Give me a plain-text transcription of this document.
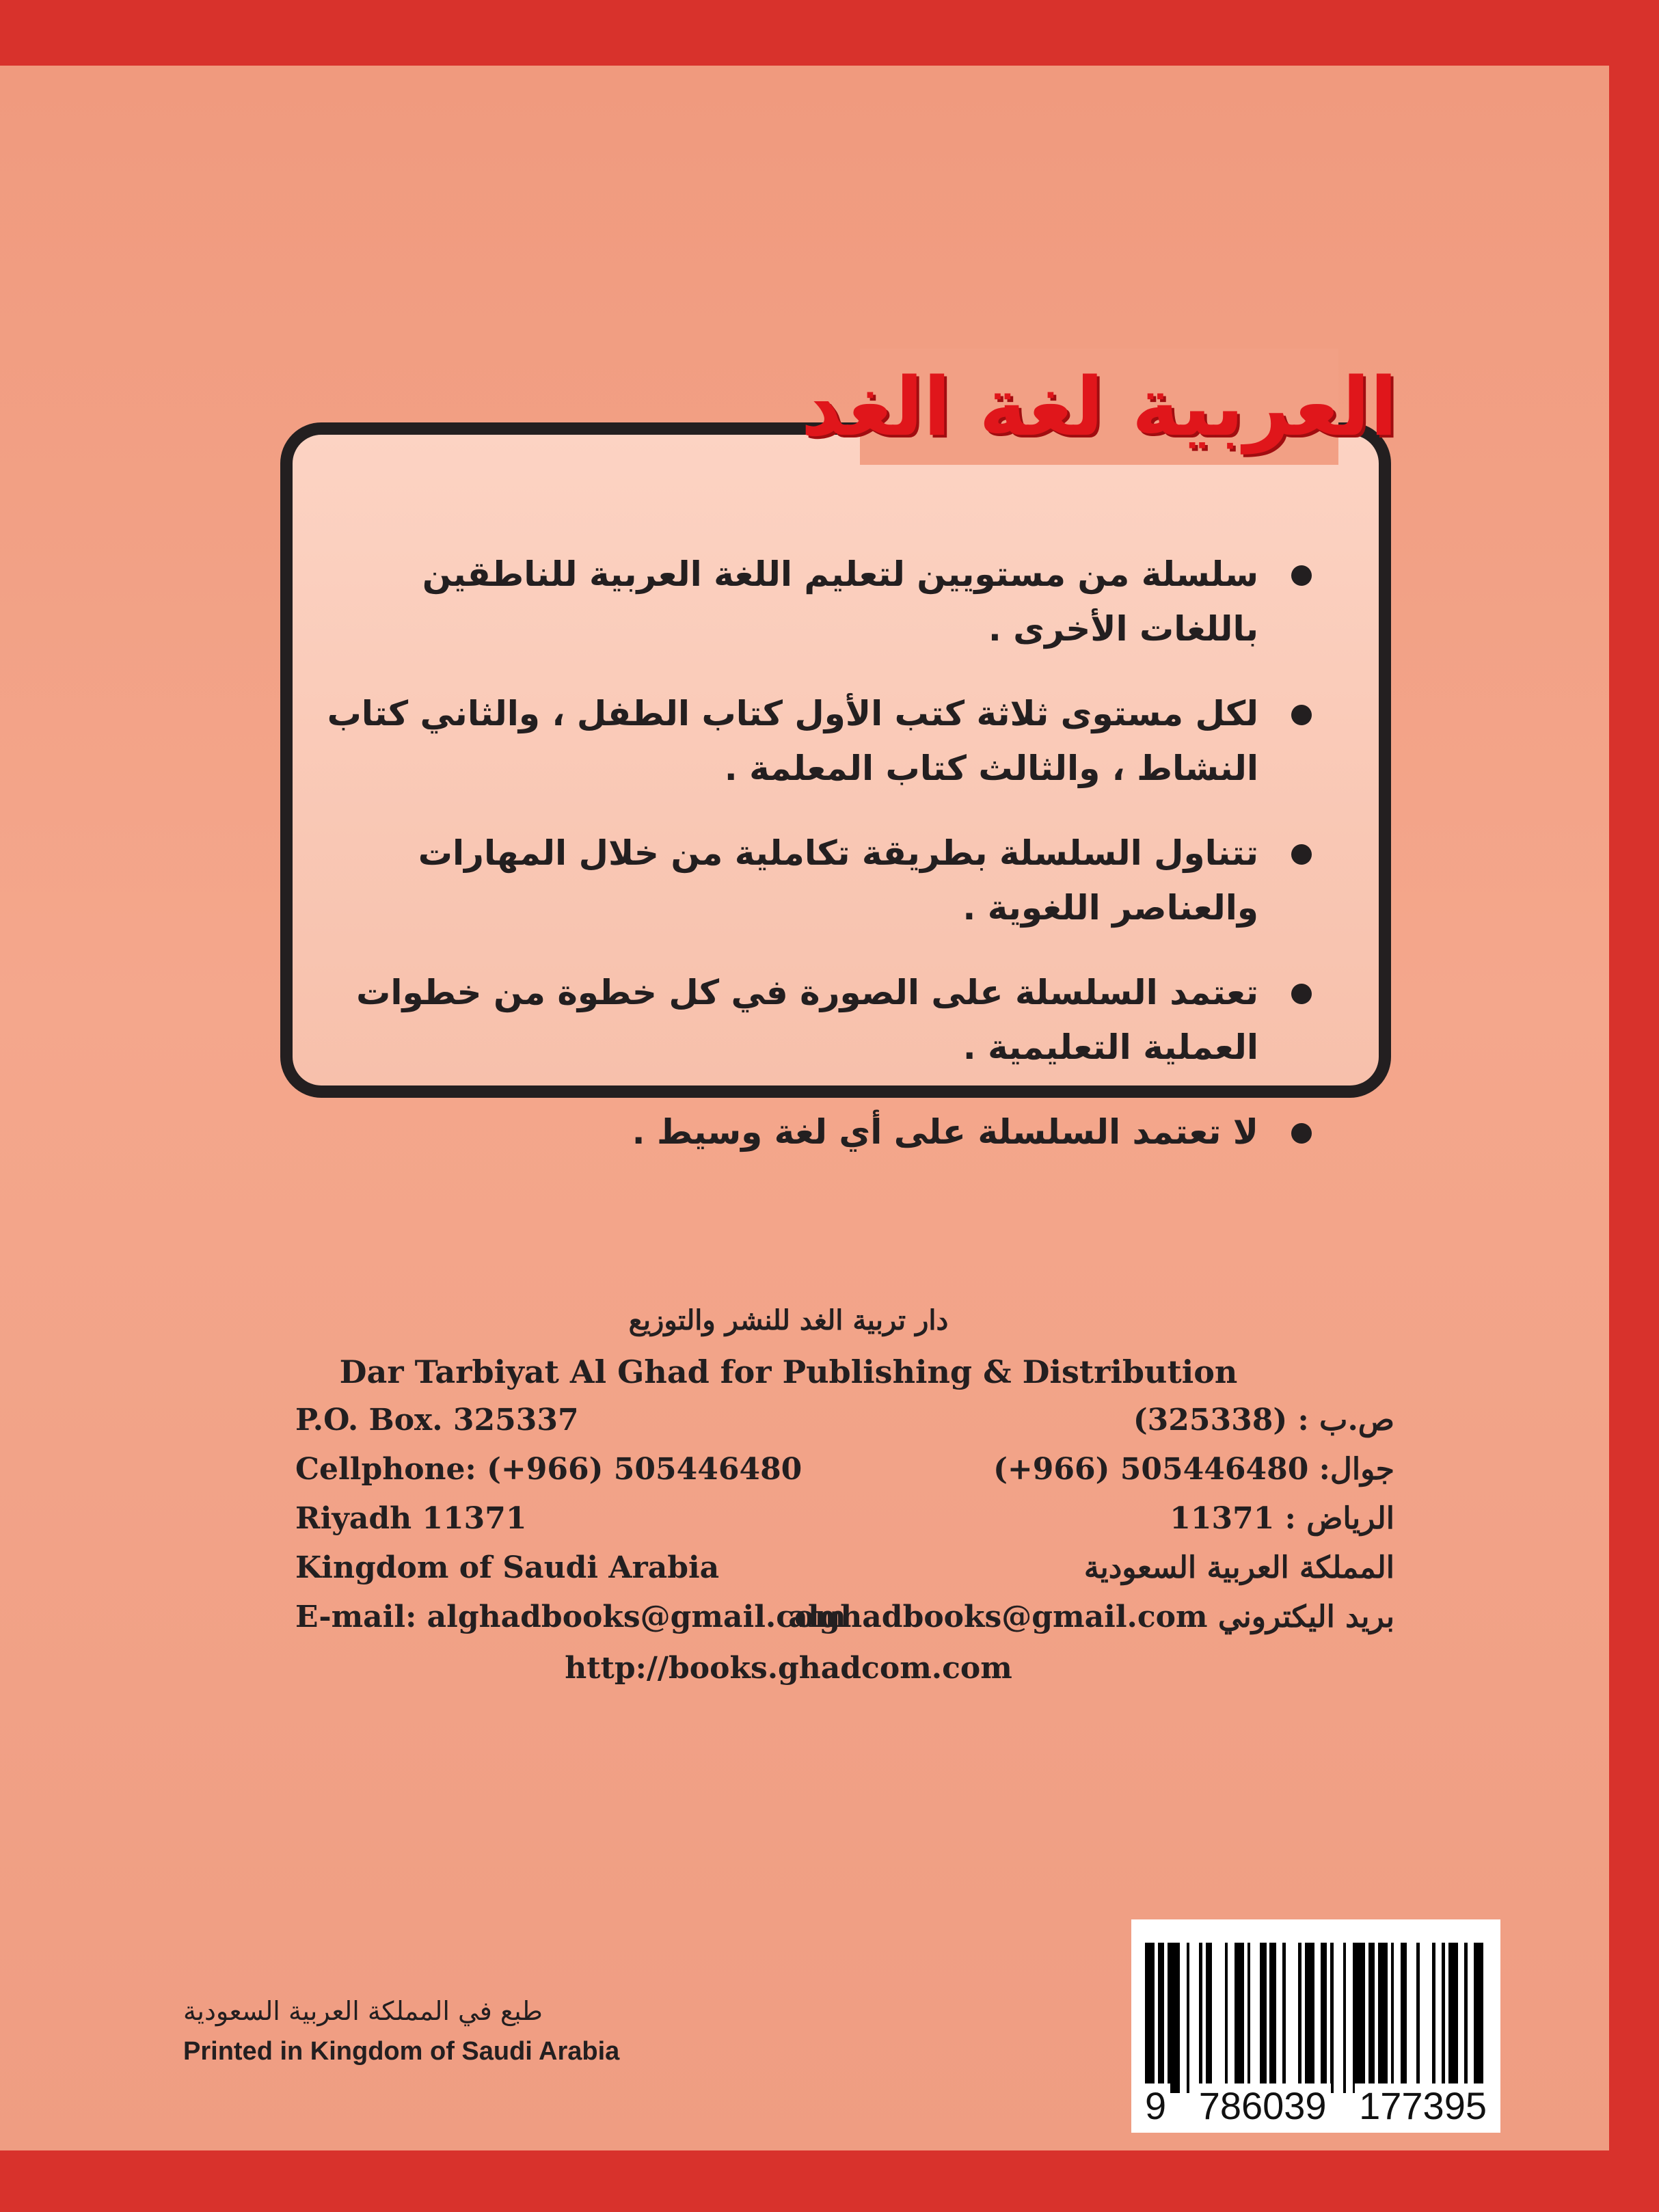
العربية لغة الغد
سلسلة من مستويين لتعليم اللغة العربية للناطقين باللغات الأخرى .
لكل مستوى ثلاثة كتب الأول كتاب الطفل ، والثاني كتاب النشاط ، والثالث كتاب المعلمة .
تتناول السلسلة بطريقة تكاملية من خلال المهارات والعناصر اللغوية .
تعتمد السلسلة على الصورة في كل خطوة من خطوات العملية التعليمية .
لا تعتمد السلسلة على أي لغة وسيط .
دار تربية الغد للنشر والتوزيع
Dar Tarbiyat Al Ghad for Publishing & Distribution
P.O. Box. 325337
Cellphone: (+966) 505446480
Riyadh 11371
Kingdom of Saudi Arabia
E-mail: alghadbooks@gmail.com
ص.ب : (325338)
جوال: 505446480 (966+)
الرياض : 11371
المملكة العربية السعودية
بريد اليكتروني alghadbooks@gmail.com
http://books.ghadcom.com
طبع في المملكة العربية السعودية
Printed in Kingdom of Saudi Arabia
9 786039 177395
